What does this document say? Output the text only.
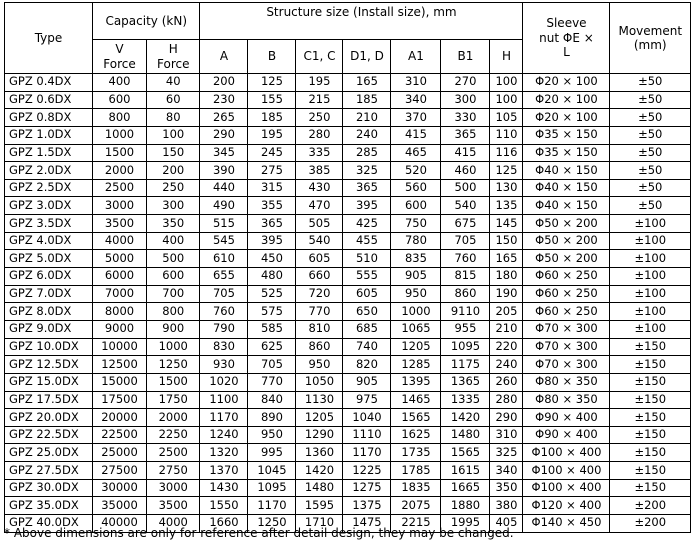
Type	Capacity (kN)		Structure size (Install size), mm							Sleeve nut ΦE × L	Movement (mm)
	V Force	H Force	A	B	C1, C	D1, D	A1	B1	H		
GPZ 0.4DX	400	40	200	125	195	165	310	270	100	Φ20 × 100	±50
GPZ 0.6DX	600	60	230	155	215	185	340	300	100	Φ20 × 100	±50
GPZ 0.8DX	800	80	265	185	250	210	370	330	105	Φ20 × 100	±50
GPZ 1.0DX	1000	100	290	195	280	240	415	365	110	Φ35 × 150	±50
GPZ 1.5DX	1500	150	345	245	335	285	465	415	116	Φ35 × 150	±50
GPZ 2.0DX	2000	200	390	275	385	325	520	460	125	Φ40 × 150	±50
GPZ 2.5DX	2500	250	440	315	430	365	560	500	130	Φ40 × 150	±50
GPZ 3.0DX	3000	300	490	355	470	395	600	540	135	Φ40 × 150	±50
GPZ 3.5DX	3500	350	515	365	505	425	750	675	145	Φ50 × 200	±100
GPZ 4.0DX	4000	400	545	395	540	455	780	705	150	Φ50 × 200	±100
GPZ 5.0DX	5000	500	610	450	605	510	835	760	165	Φ50 × 200	±100
GPZ 6.0DX	6000	600	655	480	660	555	905	815	180	Φ60 × 250	±100
GPZ 7.0DX	7000	700	705	525	720	605	950	860	190	Φ60 × 250	±100
GPZ 8.0DX	8000	800	760	575	770	650	1000	9110	205	Φ60 × 250	±100
GPZ 9.0DX	9000	900	790	585	810	685	1065	955	210	Φ70 × 300	±100
GPZ 10.0DX	10000	1000	830	625	860	740	1205	1095	220	Φ70 × 300	±150
GPZ 12.5DX	12500	1250	930	705	950	820	1285	1175	240	Φ70 × 300	±150
GPZ 15.0DX	15000	1500	1020	770	1050	905	1395	1365	260	Φ80 × 350	±150
GPZ 17.5DX	17500	1750	1100	840	1130	975	1465	1335	280	Φ80 × 350	±150
GPZ 20.0DX	20000	2000	1170	890	1205	1040	1565	1420	290	Φ90 × 400	±150
GPZ 22.5DX	22500	2250	1240	950	1290	1110	1625	1480	310	Φ90 × 400	±150
GPZ 25.0DX	25000	2500	1320	995	1360	1170	1735	1565	325	Φ100 × 400	±150
GPZ 27.5DX	27500	2750	1370	1045	1420	1225	1785	1615	340	Φ100 × 400	±150
GPZ 30.0DX	30000	3000	1430	1095	1480	1275	1835	1665	350	Φ100 × 400	±150
GPZ 35.0DX	35000	3500	1550	1170	1595	1375	2075	1880	380	Φ120 × 400	±200
GPZ 40.0DX	40000	4000	1660	1250	1710	1475	2215	1995	405	Φ140 × 450	±200
* Above dimensions are only for reference after detail design, they may be changed.
